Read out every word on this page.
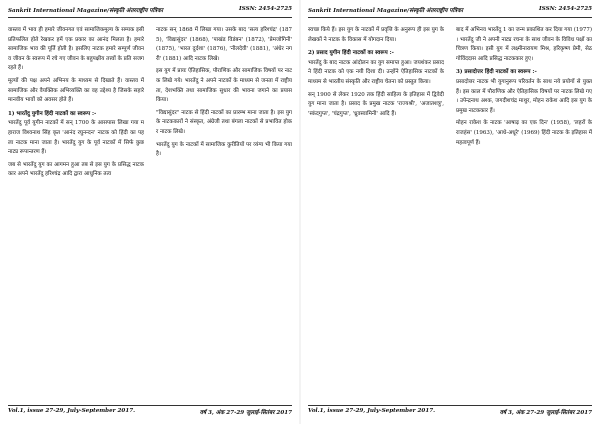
Sankrit International Magazine/संस्कृति अंतरराष्ट्रीय पत्रिका	ISSN: 2454-2725
वास्तव में भाव ही हमारे जीवनगत एवं सामाजिकमूल्य के सम्यक इसी प्रतिफलित होते रेखकर हमें एक प्रकार का आनंद मिलता है। हमारे सामाजिक भाव की पूर्ति होती है। इसलिए नाटक हमारे सम्पूर्ण जीवन व जीवन के स्वरूप में रचे गए जीवन के बहुपक्षीय तत्त्वों के प्रति सजग रहते हैं।
मूल्यों की पक्ष अपने अभिनय के माध्यम से दिखाते हैं। वास्तव में सामाजिक और वैयक्तिक अभिव्यक्ति का वह उद्देश्य है जिसके सहारे मानवीय भावों को अवसर होते हैं।
1) भारतेंदु युगीन हिंदी नाटकों का स्वरूप :-
भारतेंदु पूर्व युगीन नाटकों में सन् 1700 के आसपास लिखा गया महाराज विश्वनाथ सिंह कृत 'आनंद रघुनन्दन' नाटक को हिंदी का पहला नाटक माना जाता है। भारतेंदु युग के पूर्व नाटकों में सिर्फ कुछ नाट्य रूपान्तरण हैं।
जब से भारतेंदु युग का आगमन हुआ तब से इस युग के प्रसिद्ध नाटककार अपने भारतेंदु हरिश्चंद्र आदि द्वारा आधुनिक तत्व
नाटक सन् 1868 में लिखा गया। उसके बाद 'सत्य हरिश्चंद्र' (1875), 'विद्यासुंदर' (1868), 'पाखंड विडंबन' (1872), 'प्रेमजोगिनी' (1875), 'भारत दुर्दशा' (1876), 'नीलदेवी' (1881), 'अंधेर नगरी' (1881) आदि नाटक लिखे।
इस युग में प्रायः ऐतिहासिक, पौराणिक और सामाजिक विषयों पर नाटक लिखे गये। भारतेंदु ने अपने नाटकों के माध्यम से जनता में राष्ट्रीयता, देशभक्ति तथा सामाजिक सुधार की भावना जगाने का प्रयास किया।
"विद्यासुंदर" नाटक से हिंदी नाटकों का प्रारम्भ माना जाता है। इस युग के नाटककारों ने संस्कृत, अंग्रेजी तथा बंगला नाटकों से प्रभावित होकर नाटक लिखे।
भारतेंदु युग के नाटकों में सामाजिक कुरीतियों पर व्यंग्य भी किया गया है।
Vol.1, issue 27-29, July-September 2017.	वर्ष 3, अंक 27-29 जुलाई-सितंबर 2017
Sankrit International Magazine/संस्कृति अंतरराष्ट्रीय पत्रिका	ISSN: 2454-2725
स्वच्छ किये हैं। इस युग के नाटकों में प्रवृत्ति के अनुरूप ही इस युग के लेखकों ने नाटक के विकास में योगदान दिया।
2) प्रसाद युगीन हिंदी नाटकों का स्वरूप :-
भारतेंदु के बाद नाटक आंदोलन का युग समाप्त हुआ। जयशंकर प्रसाद ने हिंदी नाटक को एक नयी दिशा दी। उन्होंने ऐतिहासिक नाटकों के माध्यम से भारतीय संस्कृति और राष्ट्रीय चेतना को प्रस्तुत किया।
सन् 1900 से लेकर 1920 तक हिंदी साहित्य के इतिहास में द्विवेदी युग माना जाता है। प्रसाद के प्रमुख नाटक 'राज्यश्री', 'अजातशत्रु', 'स्कंदगुप्त', 'चंद्रगुप्त', 'ध्रुवस्वामिनी' आदि हैं।
बाद में अभिनव भारतेंदु 1 का जन्म प्रकाशित कर दिया गया (1977)। भारतेंदु जी ने अपनी नाट्य रचना के साथ जीवन के विविध पक्षों का चित्रण किया। इसी युग में लक्ष्मीनारायण मिश्र, हरिकृष्ण प्रेमी, सेठ गोविंददास आदि प्रसिद्ध नाटककार हुए।
3) प्रसादोत्तर हिंदी नाटकों का स्वरूप :-
प्रसादोत्तर नाटक भी युगानुरूप परिवर्तन के साथ नये प्रयोगों से युक्त हैं। इस काल में पौराणिक और ऐतिहासिक विषयों पर नाटक लिखे गए। उपेन्द्रनाथ अश्क, जगदीशचंद्र माथुर, मोहन राकेश आदि इस युग के प्रमुख नाटककार हैं।
मोहन राकेश के नाटक 'आषाढ़ का एक दिन' (1958), 'लहरों के राजहंस' (1963), 'आधे-अधूरे' (1969) हिंदी नाटक के इतिहास में महत्वपूर्ण हैं।
Vol.1, issue 27-29, July-September 2017.	वर्ष 3, अंक 27-29 जुलाई-सितंबर 2017
